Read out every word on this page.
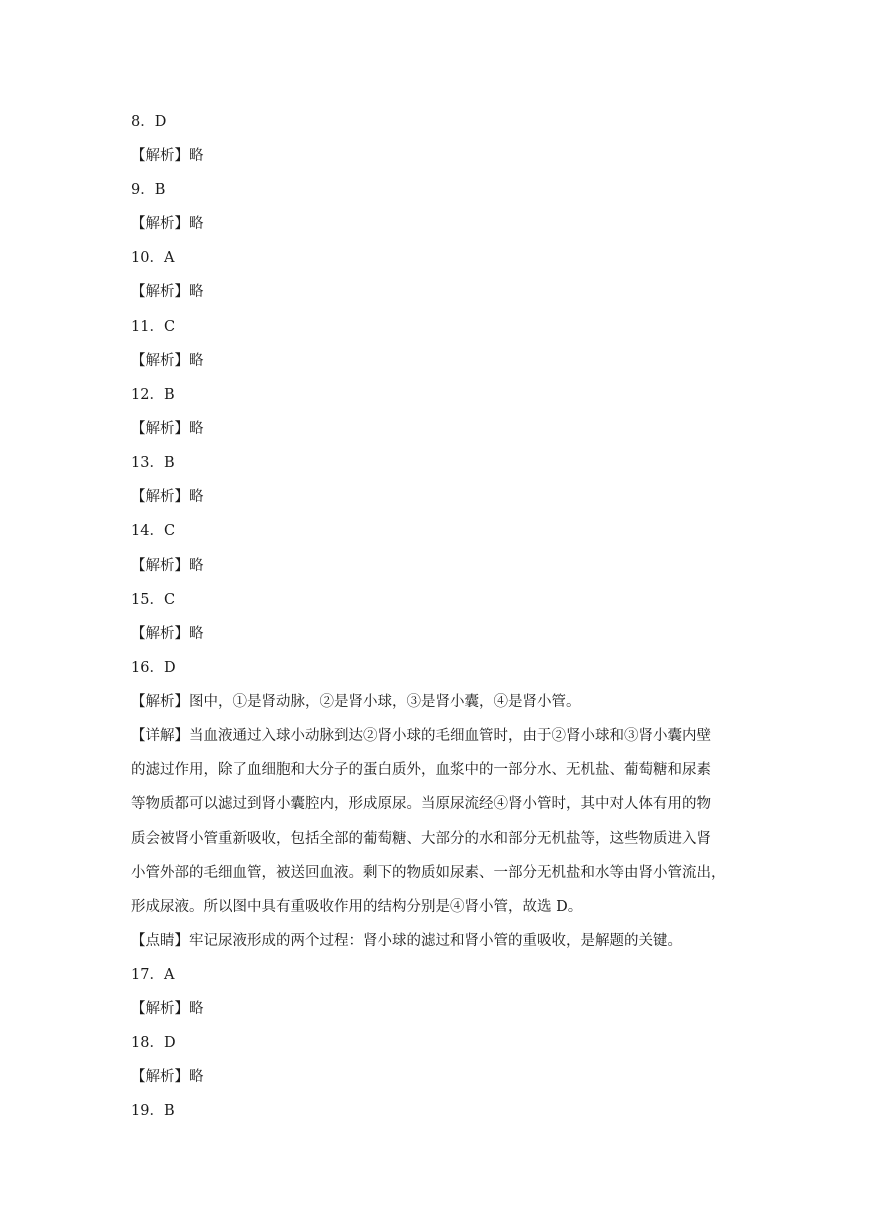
8．D
【解析】略
9．B
【解析】略
10．A
【解析】略
11．C
【解析】略
12．B
【解析】略
13．B
【解析】略
14．C
【解析】略
15．C
【解析】略
16．D
【解析】图中，①是肾动脉，②是肾小球，③是肾小囊，④是肾小管。
【详解】当血液通过入球小动脉到达②肾小球的毛细血管时，由于②肾小球和③肾小囊内壁
的滤过作用，除了血细胞和大分子的蛋白质外，血浆中的一部分水、无机盐、葡萄糖和尿素
等物质都可以滤过到肾小囊腔内，形成原尿。当原尿流经④肾小管时，其中对人体有用的物
质会被肾小管重新吸收，包括全部的葡萄糖、大部分的水和部分无机盐等，这些物质进入肾
小管外部的毛细血管，被送回血液。剩下的物质如尿素、一部分无机盐和水等由肾小管流出，
形成尿液。所以图中具有重吸收作用的结构分别是④肾小管，故选 D。
【点睛】牢记尿液形成的两个过程：肾小球的滤过和肾小管的重吸收，是解题的关键。
17．A
【解析】略
18．D
【解析】略
19．B
